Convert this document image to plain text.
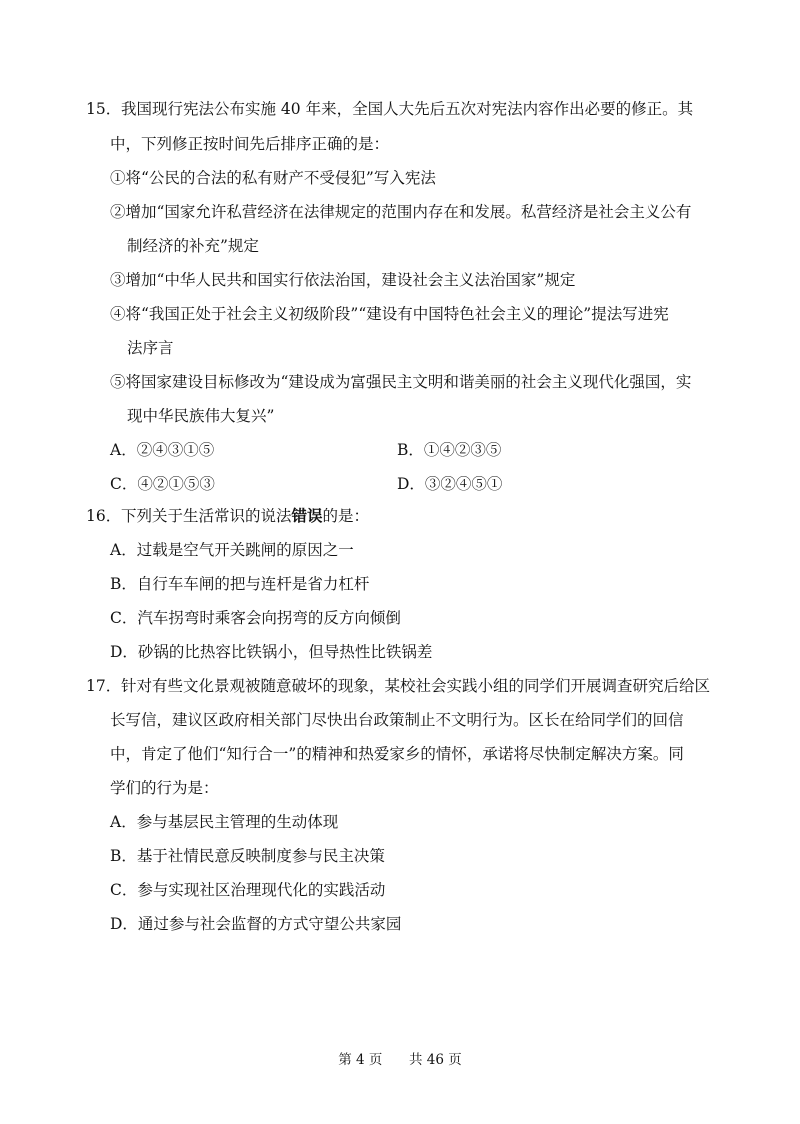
15． 我国现行宪法公布实施 40 年来，全国人大先后五次对宪法内容作出必要的修正。其
中，下列修正按时间先后排序正确的是：
①将“公民的合法的私有财产不受侵犯”写入宪法
②增加“国家允许私营经济在法律规定的范围内存在和发展。私营经济是社会主义公有
制经济的补充”规定
③增加“中华人民共和国实行依法治国，建设社会主义法治国家”规定
④将“我国正处于社会主义初级阶段”“建设有中国特色社会主义的理论”提法写进宪
法序言
⑤将国家建设目标修改为“建设成为富强民主文明和谐美丽的社会主义现代化强国，实
现中华民族伟大复兴”
A．②④③①⑤	B．①④②③⑤
C．④②①⑤③	D．③②④⑤①
16． 下列关于生活常识的说法错误的是：
A．过载是空气开关跳闸的原因之一
B．自行车车闸的把与连杆是省力杠杆
C．汽车拐弯时乘客会向拐弯的反方向倾倒
D．砂锅的比热容比铁锅小，但导热性比铁锅差
17． 针对有些文化景观被随意破坏的现象，某校社会实践小组的同学们开展调查研究后给区
长写信，建议区政府相关部门尽快出台政策制止不文明行为。区长在给同学们的回信
中，肯定了他们“知行合一”的精神和热爱家乡的情怀，承诺将尽快制定解决方案。同
学们的行为是：
A．参与基层民主管理的生动体现
B．基于社情民意反映制度参与民主决策
C．参与实现社区治理现代化的实践活动
D．通过参与社会监督的方式守望公共家园
第 4 页 共 46 页
